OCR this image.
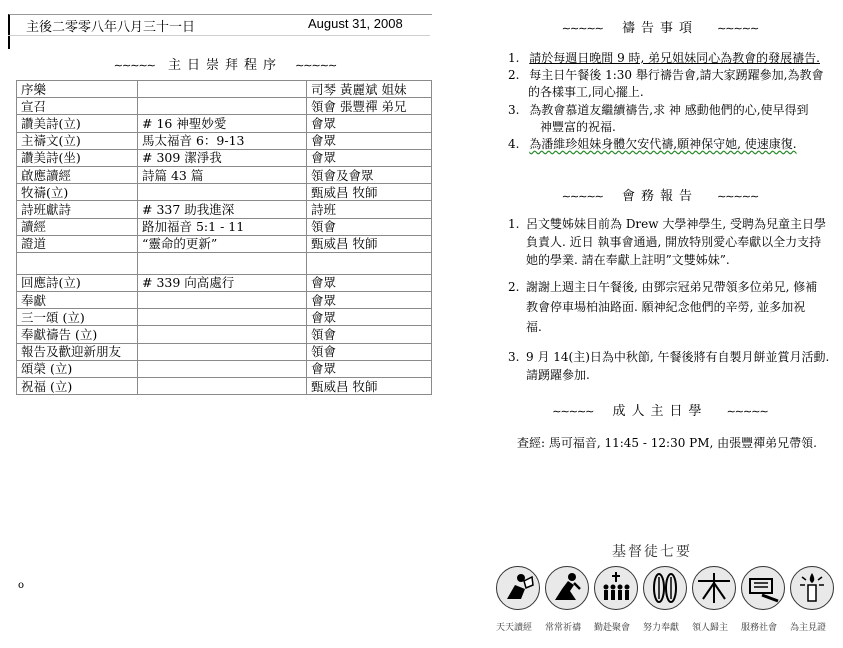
主後二零零八年八月三十一日	August 31, 2008
∼∼∼∼∼ 主日崇拜程序 ∼∼∼∼∼
序樂		司琴 黃麗斌 姐妹
宣召		領會 張豐禪 弟兄
讚美詩(立)	# 16 神聖妙愛	會眾
主禱文(立)	馬太福音 6：9-13	會眾
讚美詩(坐)	# 309 潔淨我	會眾
啟應讀經	詩篇 43 篇	領會及會眾
牧禱(立)		甄威昌 牧師
詩班獻詩	# 337 助我進深	詩班
讀經	路加福音 5:1 - 11	領會
證道	“靈命的更新”	甄威昌 牧師

回應詩(立)	# 339 向高處行	會眾
奉獻		會眾
三一頌 (立)		會眾
奉獻禱告 (立)		領會
報告及歡迎新朋友		領會
頌榮 (立)		會眾
祝福 (立)		甄威昌 牧師
∼∼∼∼∼ 禱告事項 ∼∼∼∼∼
1. 請於每週日晚間 9 時, 弟兄姐妹同心為教會的發展禱告.
2. 每主日午餐後 1:30 舉行禱告會,請大家踴躍參加,為教會
的各樣事工,同心擺上.
3. 為教會慕道友繼續禱告,求 神 感動他們的心,使早得到
神豐富的祝福.
4. 為潘維珍姐妹身體欠安代禱,願神保守她, 使速康復.
∼∼∼∼∼ 會務報告 ∼∼∼∼∼
1. 呂文雙姊妹目前為 Drew 大學神學生, 受聘為兒童主日學
負責人. 近日 執事會通過, 開放特別愛心奉獻以全力支持
她的學業. 請在奉獻上註明”文雙姊妹”.
2. 謝謝上週主日午餐後, 由鄧宗冠弟兄帶領多位弟兄, 修補
教會停車場柏油路面. 願神紀念他們的辛勞, 並多加祝
福.
3. 9 月 14(主)日為中秋節, 午餐後將有自製月餅並賞月活動.
請踴躍參加.
∼∼∼∼∼ 成人主日學 ∼∼∼∼∼
查經: 馬可福音, 11:45 - 12:30 PM, 由張豐禪弟兄帶領.
基督徒七要
天天讀經 常常祈禱 勤赴聚會 努力奉獻 領人歸主 服務社會 為主見證
o
